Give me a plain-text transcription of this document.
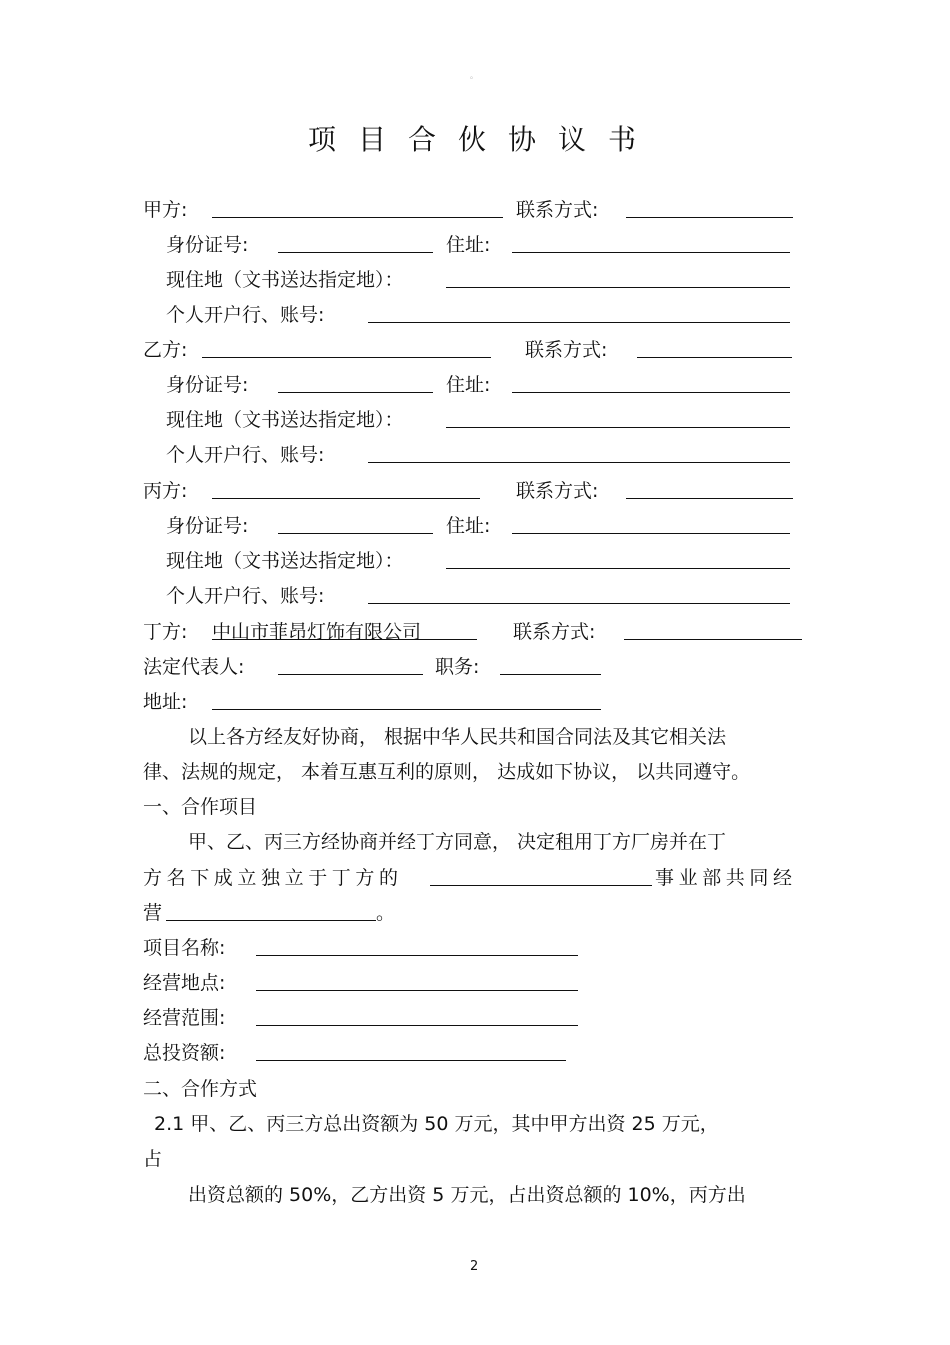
。
项目合伙协议书
甲方:	联系方式:
身份证号:	住址:
现住地（文书送达指定地）：
个人开户行、账号:
乙方:	联系方式:
身份证号:	住址:
现住地（文书送达指定地）：
个人开户行、账号:
丙方:	联系方式:
身份证号:	住址:
现住地（文书送达指定地）：
个人开户行、账号:
丁方: 中山市菲昂灯饰有限公司	联系方式:
法定代表人:	职务:
地址:
以上各方经友好协商， 根据中华人民共和国合同法及其它相关法
律、法规的规定， 本着互惠互利的原则， 达成如下协议， 以共同遵守。
一、合作项目
甲、乙、丙三方经协商并经丁方同意， 决定租用丁方厂房并在丁
方名下成立独立于丁方的	事业部共同经
营	。
项目名称:
经营地点:
经营范围:
总投资额:
二、合作方式
2.1 甲、乙、丙三方总出资额为 50 万元，其中甲方出资 25 万元，
占
出资总额的 50%，乙方出资 5 万元，占出资总额的 10%，丙方出
2
